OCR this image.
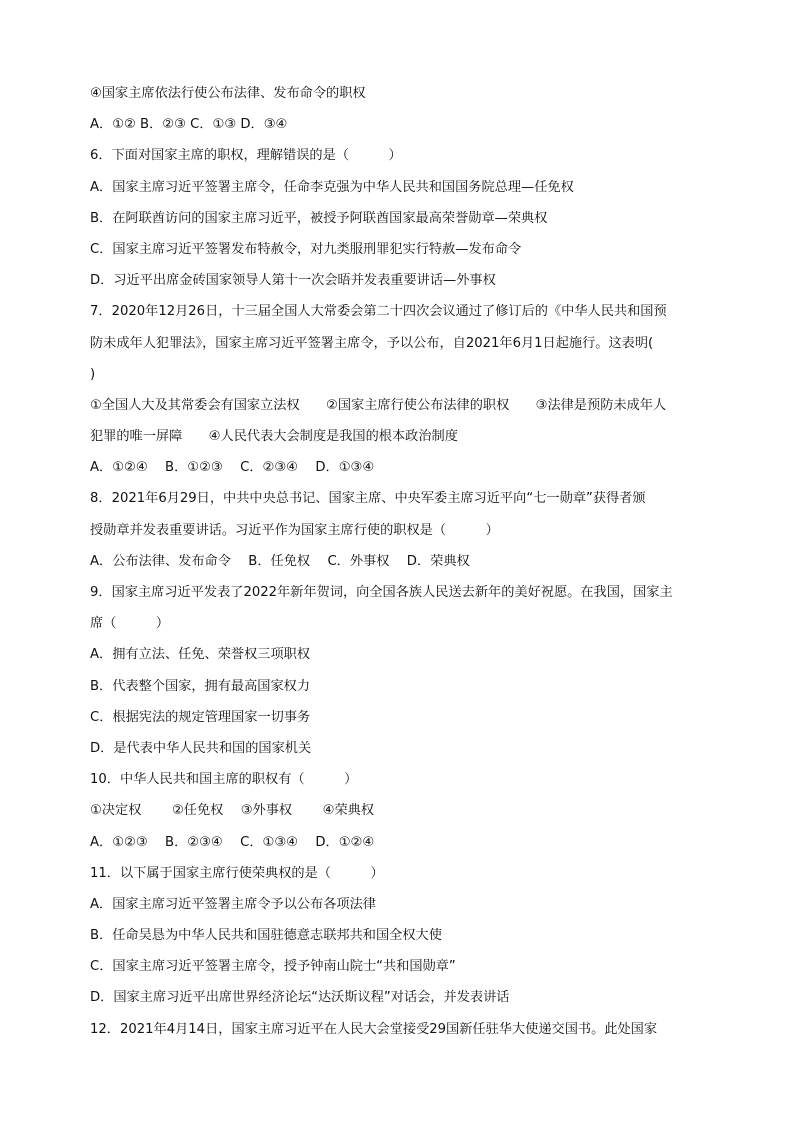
④国家主席依法行使公布法律、发布命令的职权
A．①② B．②③ C．①③ D．③④
6．下面对国家主席的职权，理解错误的是（　　　）
A．国家主席习近平签署主席令，任命李克强为中华人民共和国国务院总理—任免权
B．在阿联酋访问的国家主席习近平，被授予阿联酋国家最高荣誉勋章—荣典权
C．国家主席习近平签署发布特赦令，对九类服刑罪犯实行特赦—发布命令
D．习近平出席金砖国家领导人第十一次会晤并发表重要讲话—外事权
7．2020年12月26日，十三届全国人大常委会第二十四次会议通过了修订后的《中华人民共和国预
防未成年人犯罪法》，国家主席习近平签署主席令，予以公布，自2021年6月1日起施行。这表明(
)
①全国人大及其常委会有国家立法权　　②国家主席行使公布法律的职权　　③法律是预防未成年人
犯罪的唯一屏障　　④人民代表大会制度是我国的根本政治制度
A．①②④　 B．①②③　 C．②③④　 D．①③④
8．2021年6月29日，中共中央总书记、国家主席、中央军委主席习近平向“七一勋章”获得者颁
授勋章并发表重要讲话。习近平作为国家主席行使的职权是（　　　）
A．公布法律、发布命令　 B．任免权　 C．外事权　 D．荣典权
9．国家主席习近平发表了2022年新年贺词，向全国各族人民送去新年的美好祝愿。在我国，国家主
席（　　　）
A．拥有立法、任免、荣誉权三项职权
B．代表整个国家，拥有最高国家权力
C．根据宪法的规定管理国家一切事务
D．是代表中华人民共和国的国家机关
10．中华人民共和国主席的职权有（　　　）
①决定权　　 ②任免权　 ③外事权　　 ④荣典权
A．①②③　 B．②③④　 C．①③④　 D．①②④
11．以下属于国家主席行使荣典权的是（　　　）
A．国家主席习近平签署主席令予以公布各项法律
B．任命吴恳为中华人民共和国驻德意志联邦共和国全权大使
C．国家主席习近平签署主席令，授予钟南山院士“共和国勋章”
D．国家主席习近平出席世界经济论坛“达沃斯议程”对话会，并发表讲话
12．2021年4月14日，国家主席习近平在人民大会堂接受29国新任驻华大使递交国书。此处国家
